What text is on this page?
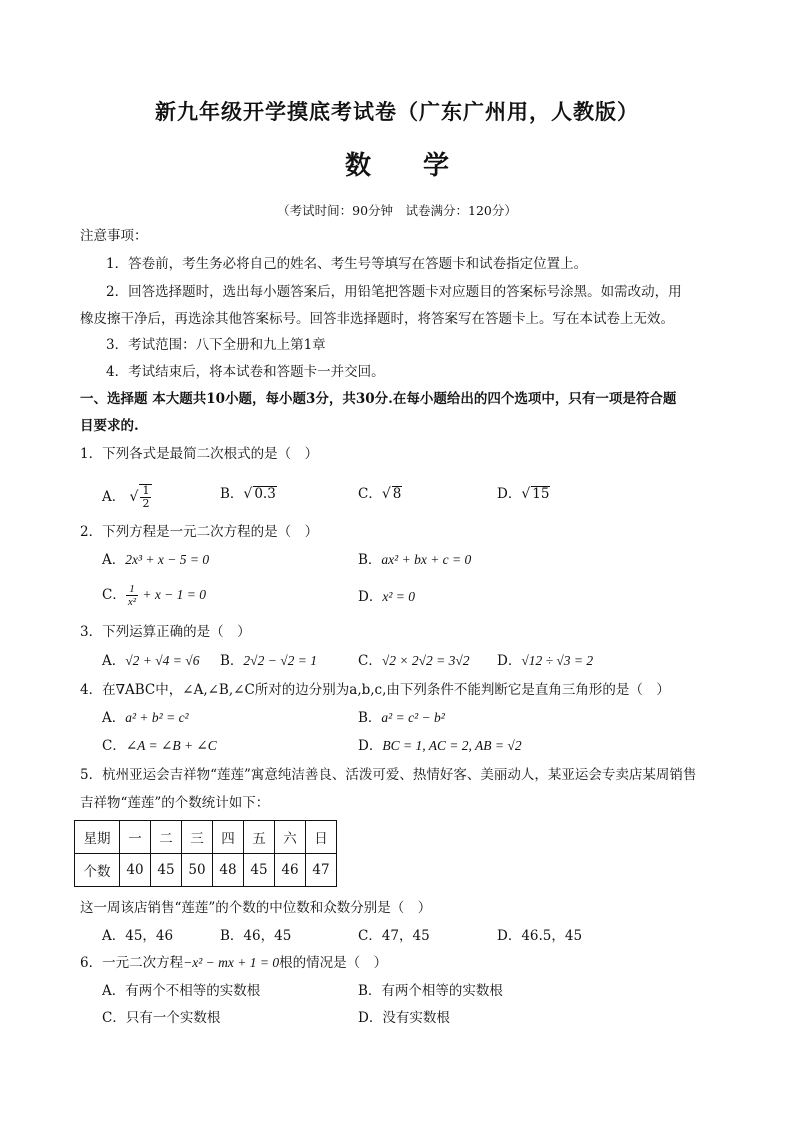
新九年级开学摸底考试卷（广东广州用，人教版）
数学
（考试时间：90分钟　试卷满分：120分）
注意事项：
1．答卷前，考生务必将自己的姓名、考生号等填写在答题卡和试卷指定位置上。
2．回答选择题时，选出每小题答案后，用铅笔把答题卡对应题目的答案标号涂黑。如需改动，用
橡皮擦干净后，再选涂其他答案标号。回答非选择题时，将答案写在答题卡上。写在本试卷上无效。
3．考试范围：八下全册和九上第1章
4．考试结束后，将本试卷和答题卡一并交回。
一、选择题 本大题共10小题，每小题3分，共30分.在每小题给出的四个选项中，只有一项是符合题
目要求的.
1．下列各式是最简二次根式的是（　）
A． √ $\frac{1}{2}$	B．√ 0.3	C．√ 8	D．√ 15
2．下列方程是一元二次方程的是（　）
A．2x³ + x − 5 = 0	B．ax² + bx + c = 0
C． $\frac{1}{\text{x²}} + x - 1 = 0$	D．x² = 0
3．下列运算正确的是（　）
A．√2 + √4 = √6 B．2√2 − √2 = 1	C．√2 × 2√2 = 3√2 D．√12 ÷ √3 = 2
4．在∇ABC中，∠A,∠B,∠C所对的边分别为a,b,c,由下列条件不能判断它是直角三角形的是（　）
A．a² + b² = c²	B．a² = c² − b²
C．∠A = ∠B + ∠C	D．BC = 1, AC = 2, AB = √2
5．杭州亚运会吉祥物“莲莲”寓意纯洁善良、活泼可爱、热情好客、美丽动人，某亚运会专卖店某周销售
吉祥物“莲莲”的个数统计如下：
星期	一	二	三	四	五	六	日
个数	40	45	50	48	45	46	47
这一周该店销售“莲莲”的个数的中位数和众数分别是（　）
A．45，46	B．46，45	C．47，45	D．46.5，45
6．一元二次方程−x² − mx + 1 = 0根的情况是（　）
A．有两个不相等的实数根	B．有两个相等的实数根
C．只有一个实数根	D．没有实数根
